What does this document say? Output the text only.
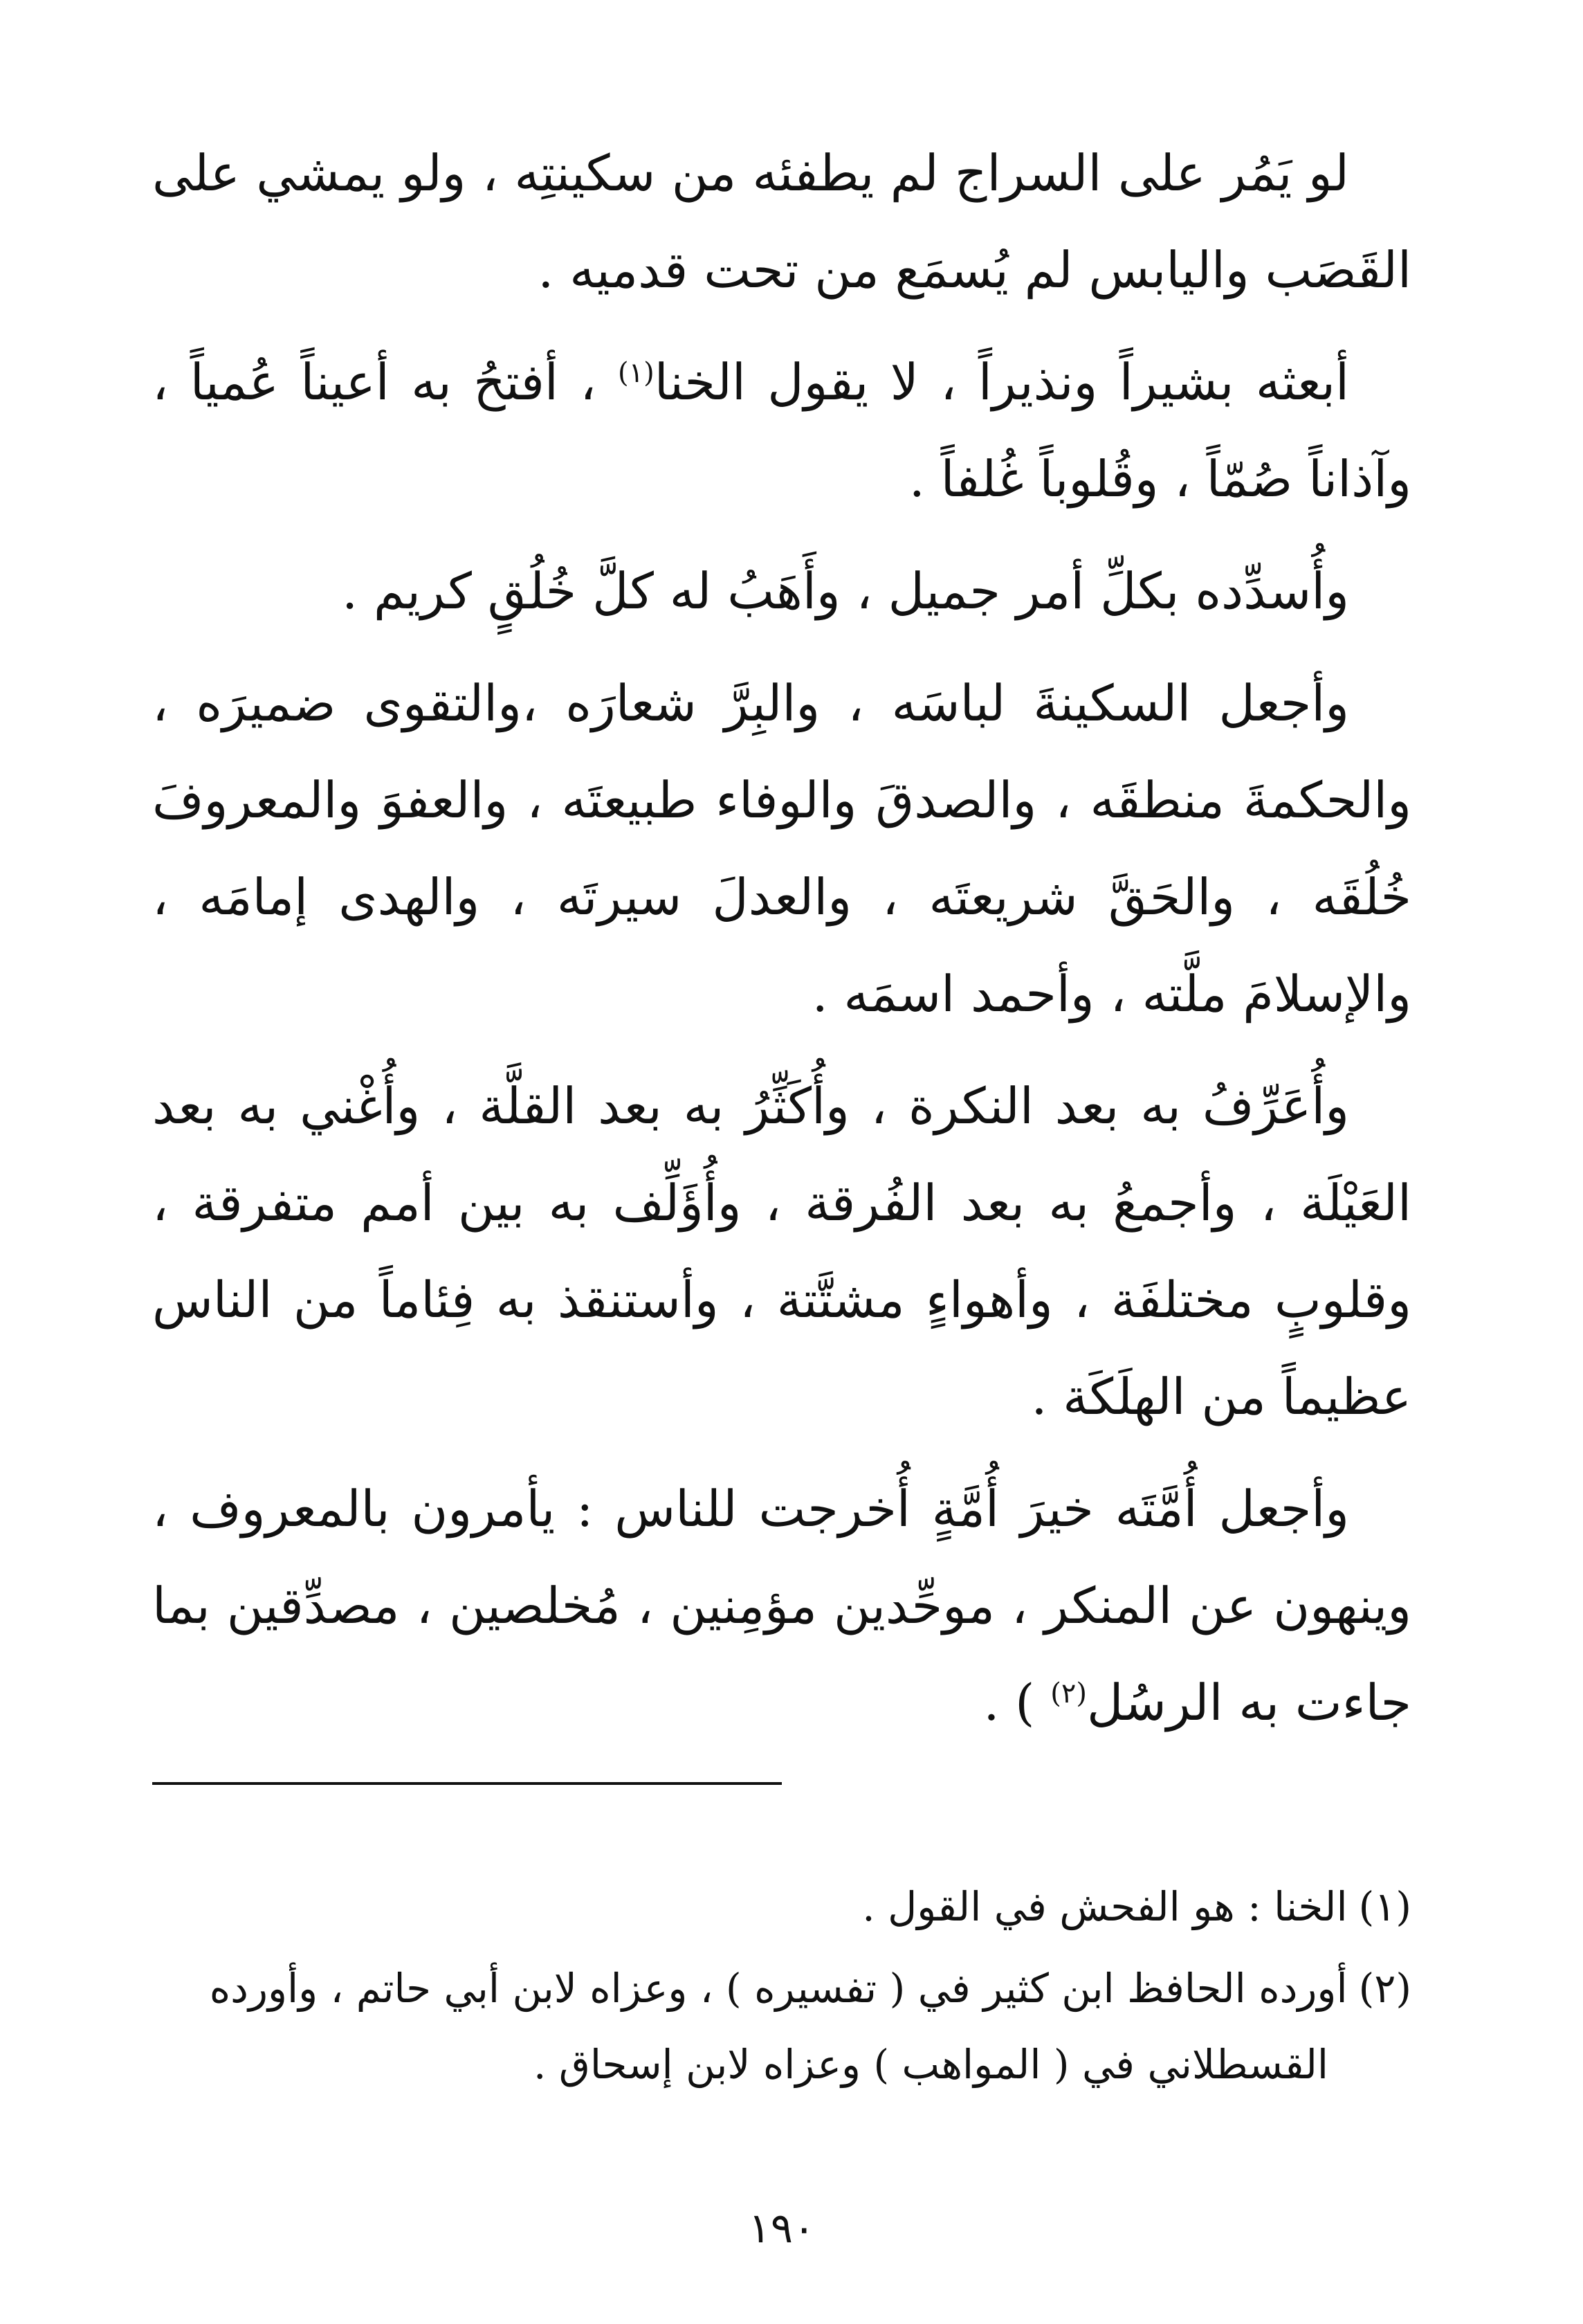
لو يَمُر على السراج لم يطفئه من سكينتِه ، ولو يمشي على القَصَب واليابس لم يُسمَع من تحت قدميه .

أبعثه بشيراً ونذيراً ، لا يقول الخنا$^{(١)}$ ، أفتحُ به أعيناً عُمياً ، وآذاناً صُمّاً ، وقُلوباً غُلفاً .

وأُسدِّده بكلِّ أمر جميل ، وأَهَبُ له كلَّ خُلُقٍ كريم .

وأجعل السكينةَ لباسَه ، والبِرَّ شعارَه ،والتقوى ضميرَه ، والحكمةَ منطقَه ، والصدقَ والوفاء طبيعتَه ، والعفوَ والمعروفَ خُلُقَه ، والحَقَّ شريعتَه ، والعدلَ سيرتَه ، والهدى إمامَه ، والإسلامَ ملَّته ، وأحمد اسمَه .

وأُعَرِّفُ به بعد النكرة ، وأُكَثِّرُ به بعد القلَّة ، وأُغْني به بعد العَيْلَة ، وأجمعُ به بعد الفُرقة ، وأُؤَلِّف به بين أمم متفرقة ، وقلوبٍ مختلفَة ، وأهواءٍ مشتَّتة ، وأستنقذ به فِئاماً من الناس عظيماً من الهلَكَة .

وأجعل أُمَّتَه خيرَ أُمَّةٍ أُخرجت للناس : يأمرون بالمعروف ، وينهون عن المنكر ، موحِّدين مؤمِنين ، مُخلصين ، مصدِّقين بما جاءت به الرسُل$^{(٢)}$ ) .

(١)الخنا : هو الفحش في القول .

(٢)أورده الحافظ ابن كثير في ( تفسيره ) ، وعزاه لابن أبي حاتم ، وأورده
القسطلاني في ( المواهب ) وعزاه لابن إسحاق .

١٩٠
